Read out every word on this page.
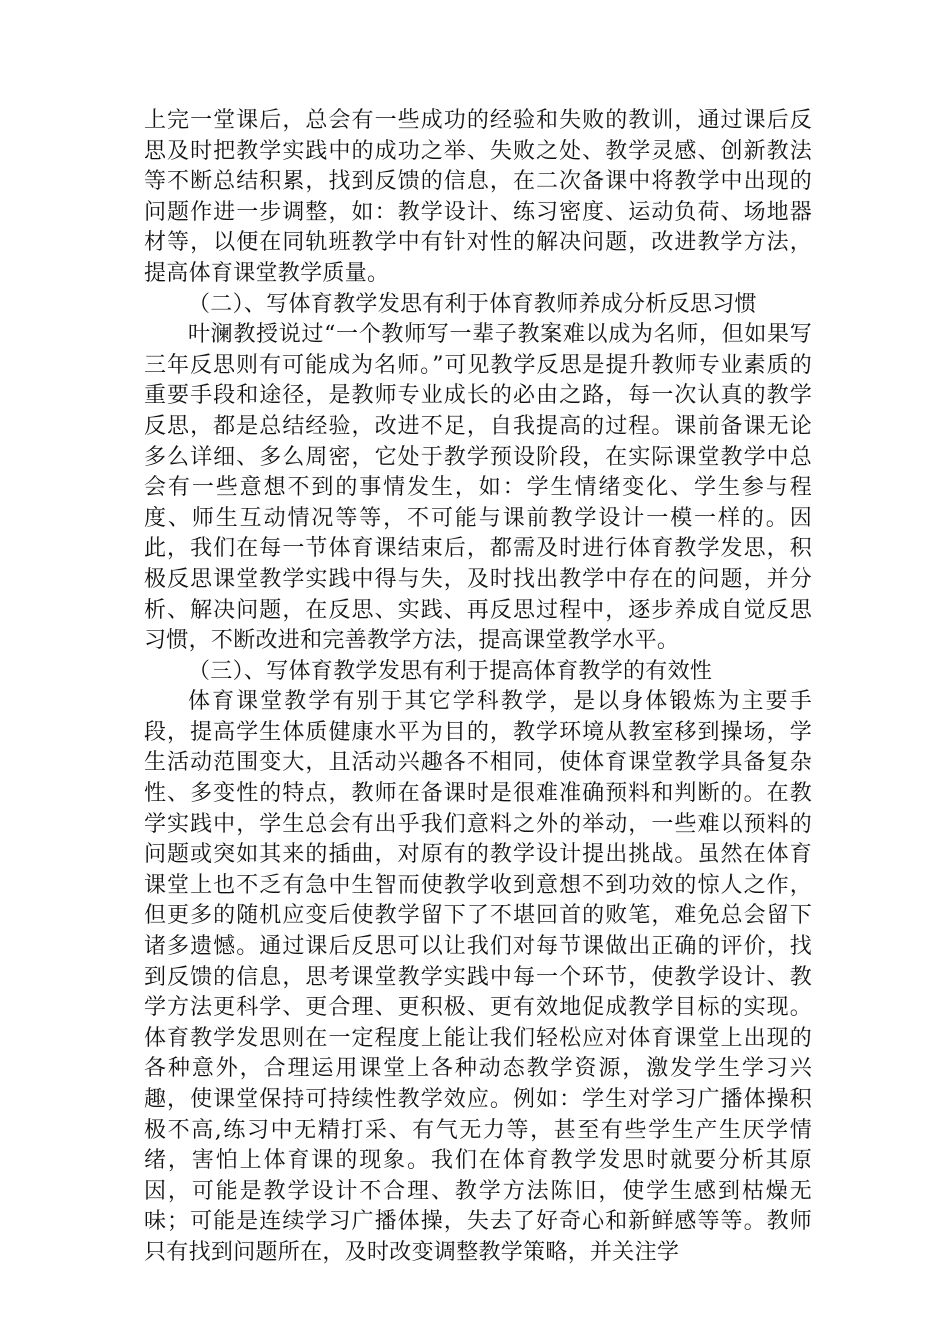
上完一堂课后，总会有一些成功的经验和失败的教训，通过课后反思及时把教学实践中的成功之举、失败之处、教学灵感、创新教法等不断总结积累，找到反馈的信息，在二次备课中将教学中出现的问题作进一步调整，如：教学设计、练习密度、运动负荷、场地器材等，以便在同轨班教学中有针对性的解决问题，改进教学方法，提高体育课堂教学质量。

（二）、写体育教学发思有利于体育教师养成分析反思习惯

叶澜教授说过“一个教师写一辈子教案难以成为名师，但如果写三年反思则有可能成为名师。”可见教学反思是提升教师专业素质的重要手段和途径，是教师专业成长的必由之路，每一次认真的教学反思，都是总结经验，改进不足，自我提高的过程。课前备课无论多么详细、多么周密，它处于教学预设阶段，在实际课堂教学中总会有一些意想不到的事情发生，如：学生情绪变化、学生参与程度、师生互动情况等等，不可能与课前教学设计一模一样的。因此，我们在每一节体育课结束后，都需及时进行体育教学发思，积极反思课堂教学实践中得与失，及时找出教学中存在的问题，并分析、解决问题，在反思、实践、再反思过程中，逐步养成自觉反思习惯，不断改进和完善教学方法，提高课堂教学水平。

（三）、写体育教学发思有利于提高体育教学的有效性

体育课堂教学有别于其它学科教学，是以身体锻炼为主要手段，提高学生体质健康水平为目的，教学环境从教室移到操场，学生活动范围变大，且活动兴趣各不相同，使体育课堂教学具备复杂性、多变性的特点，教师在备课时是很难准确预料和判断的。在教学实践中，学生总会有出乎我们意料之外的举动，一些难以预料的问题或突如其来的插曲，对原有的教学设计提出挑战。虽然在体育课堂上也不乏有急中生智而使教学收到意想不到功效的惊人之作，但更多的随机应变后使教学留下了不堪回首的败笔，难免总会留下诸多遗憾。通过课后反思可以让我们对每节课做出正确的评价，找到反馈的信息，思考课堂教学实践中每一个环节，使教学设计、教学方法更科学、更合理、更积极、更有效地促成教学目标的实现。体育教学发思则在一定程度上能让我们轻松应对体育课堂上出现的各种意外，合理运用课堂上各种动态教学资源，激发学生学习兴趣，使课堂保持可持续性教学效应。例如：学生对学习广播体操积极不高,练习中无精打采、有气无力等，甚至有些学生产生厌学情绪，害怕上体育课的现象。我们在体育教学发思时就要分析其原因，可能是教学设计不合理、教学方法陈旧，使学生感到枯燥无味；可能是连续学习广播体操，失去了好奇心和新鲜感等等。教师只有找到问题所在，及时改变调整教学策略，并关注学
